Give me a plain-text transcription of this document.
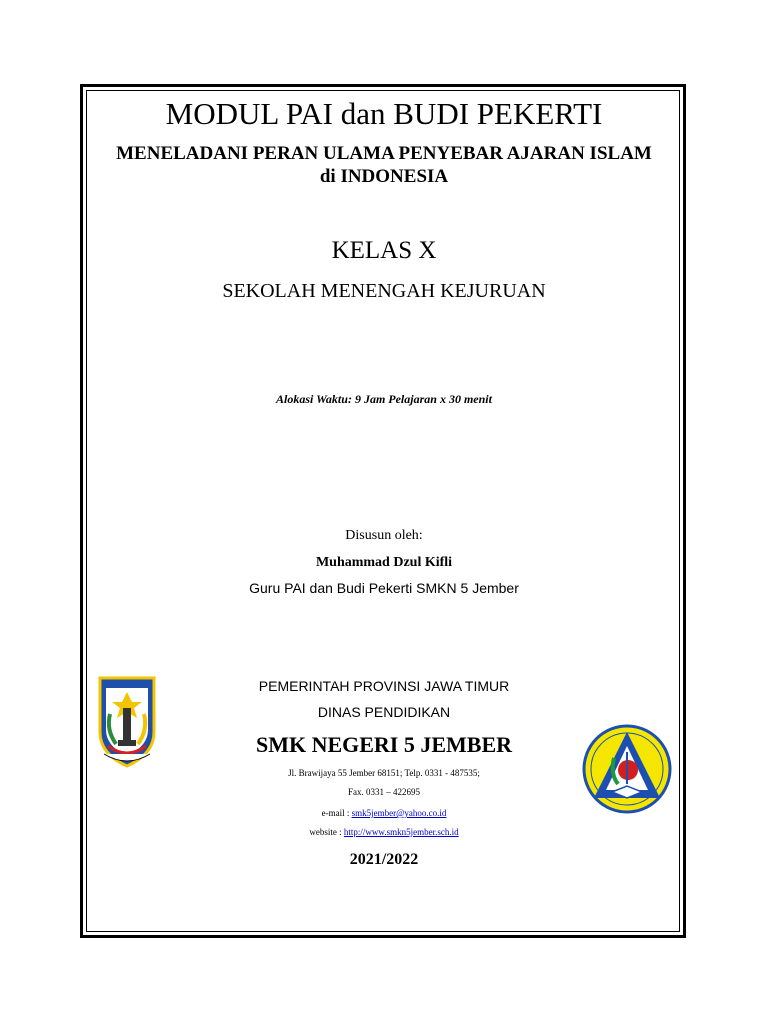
MODUL PAI dan BUDI PEKERTI
MENELADANI PERAN ULAMA PENYEBAR AJARAN ISLAM
di INDONESIA
KELAS X
SEKOLAH MENENGAH KEJURUAN
Alokasi Waktu: 9 Jam Pelajaran x 30 menit
Disusun oleh:
Muhammad Dzul Kifli
Guru PAI dan Budi Pekerti SMKN 5 Jember
PEMERINTAH PROVINSI JAWA TIMUR
DINAS PENDIDIKAN
SMK NEGERI 5 JEMBER
Jl. Brawijaya 55 Jember 68151; Telp. 0331 - 487535;
Fax. 0331 – 422695
e-mail : smk5jember@yahoo.co.id
website : http://www.smkn5jember.sch.id
2021/2022
